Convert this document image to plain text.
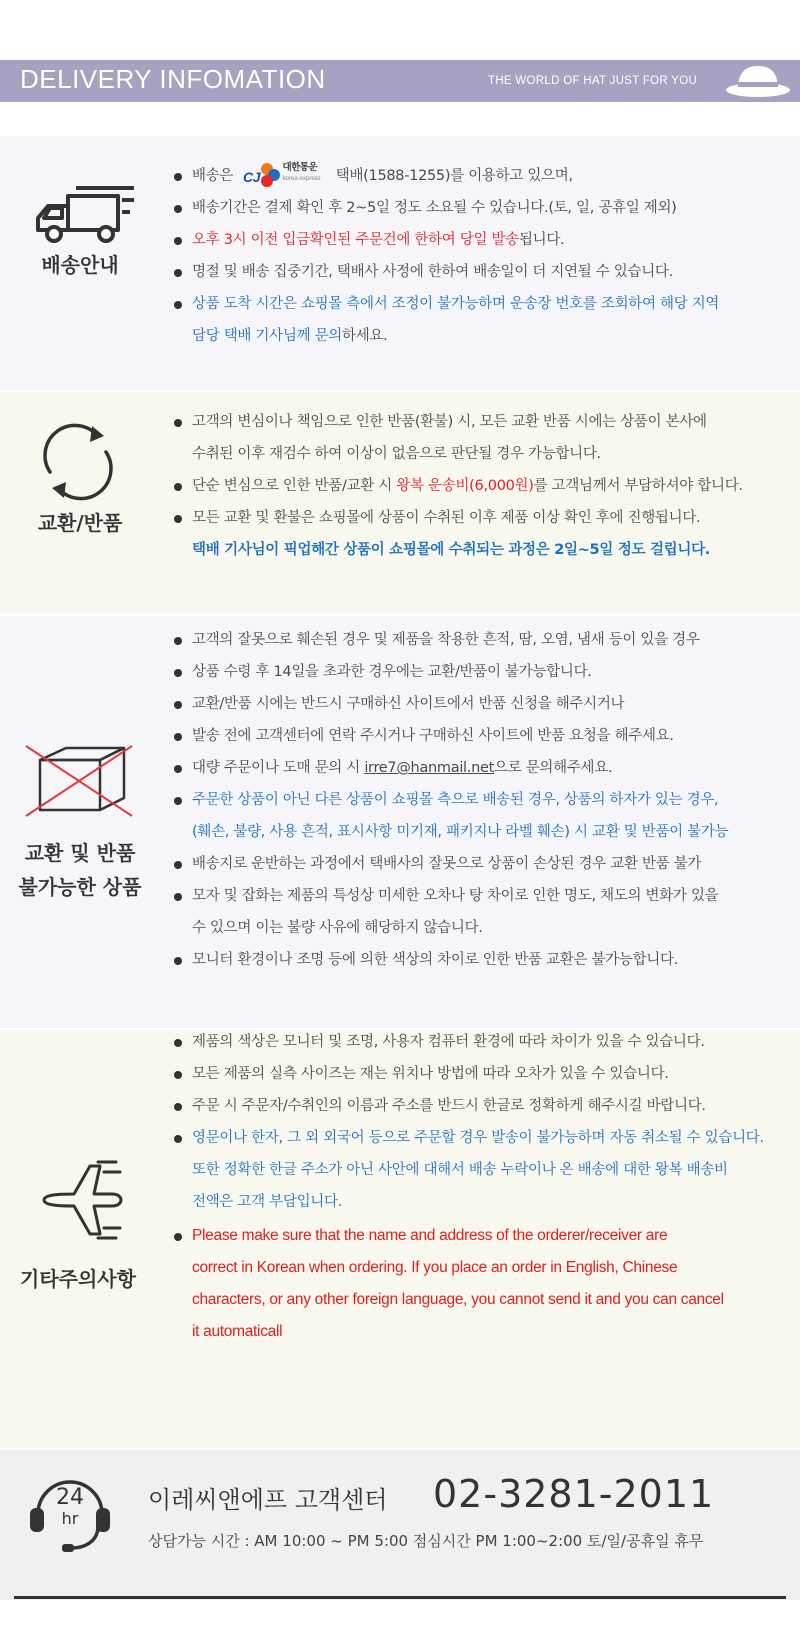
DELIVERY INFOMATION	THE WORLD OF HAT JUST FOR YOU
배송안내
배송은 CJ
대한통운
korea express 택배(1588-1255)를 이용하고 있으며,
배송기간은 결제 확인 후 2~5일 정도 소요될 수 있습니다.(토, 일, 공휴일 제외)
오후 3시 이전 입금확인된 주문건에 한하여 당일 발송됩니다.
명절 및 배송 집중기간, 택배사 사정에 한하여 배송일이 더 지연될 수 있습니다.
상품 도착 시간은 쇼핑몰 측에서 조정이 불가능하며 운송장 번호를 조회하여 해당 지역
담당 택배 기사님께 문의하세요.
교환/반품
고객의 변심이나 책임으로 인한 반품(환불) 시, 모든 교환 반품 시에는 상품이 본사에
수취된 이후 재검수 하여 이상이 없음으로 판단될 경우 가능합니다.
단순 변심으로 인한 반품/교환 시 왕복 운송비(6,000원)를 고객님께서 부담하셔야 합니다.
모든 교환 및 환불은 쇼핑몰에 상품이 수취된 이후 제품 이상 확인 후에 진행됩니다.
택배 기사님이 픽업해간 상품이 쇼핑몰에 수취되는 과정은 2일~5일 정도 걸립니다.
교환 및 반품
불가능한 상품
고객의 잘못으로 훼손된 경우 및 제품을 착용한 흔적, 땀, 오염, 냄새 등이 있을 경우
상품 수령 후 14일을 초과한 경우에는 교환/반품이 불가능합니다.
교환/반품 시에는 반드시 구매하신 사이트에서 반품 신청을 해주시거나
발송 전에 고객센터에 연락 주시거나 구매하신 사이트에 반품 요청을 해주세요.
대량 주문이나 도매 문의 시 irre7@hanmail.net으로 문의해주세요.
주문한 상품이 아닌 다른 상품이 쇼핑몰 측으로 배송된 경우, 상품의 하자가 있는 경우,
(훼손, 불량, 사용 흔적, 표시사항 미기재, 패키지나 라벨 훼손) 시 교환 및 반품이 불가능
배송지로 운반하는 과정에서 택배사의 잘못으로 상품이 손상된 경우 교환 반품 불가
모자 및 잡화는 제품의 특성상 미세한 오차나 탕 차이로 인한 명도, 채도의 변화가 있을
수 있으며 이는 불량 사유에 해당하지 않습니다.
모니터 환경이나 조명 등에 의한 색상의 차이로 인한 반품 교환은 불가능합니다.
기타주의사항
제품의 색상은 모니터 및 조명, 사용자 컴퓨터 환경에 따라 차이가 있을 수 있습니다.
모든 제품의 실측 사이즈는 재는 위치나 방법에 따라 오차가 있을 수 있습니다.
주문 시 주문자/수취인의 이름과 주소를 반드시 한글로 정확하게 해주시길 바랍니다.
영문이나 한자, 그 외 외국어 등으로 주문할 경우 발송이 불가능하며 자동 취소될 수 있습니다.
또한 정확한 한글 주소가 아닌 사안에 대해서 배송 누락이나 온 배송에 대한 왕복 배송비
전액은 고객 부담입니다.
Please make sure that the name and address of the orderer/receiver are
correct in Korean when ordering. If you place an order in English, Chinese
characters, or any other foreign language, you cannot send it and you can cancel
it automaticall
24
hr
이레씨앤에프 고객센터 02-3281-2011
상담가능 시간 : AM 10:00 ~ PM 5:00 점심시간 PM 1:00~2:00 토/일/공휴일 휴무
